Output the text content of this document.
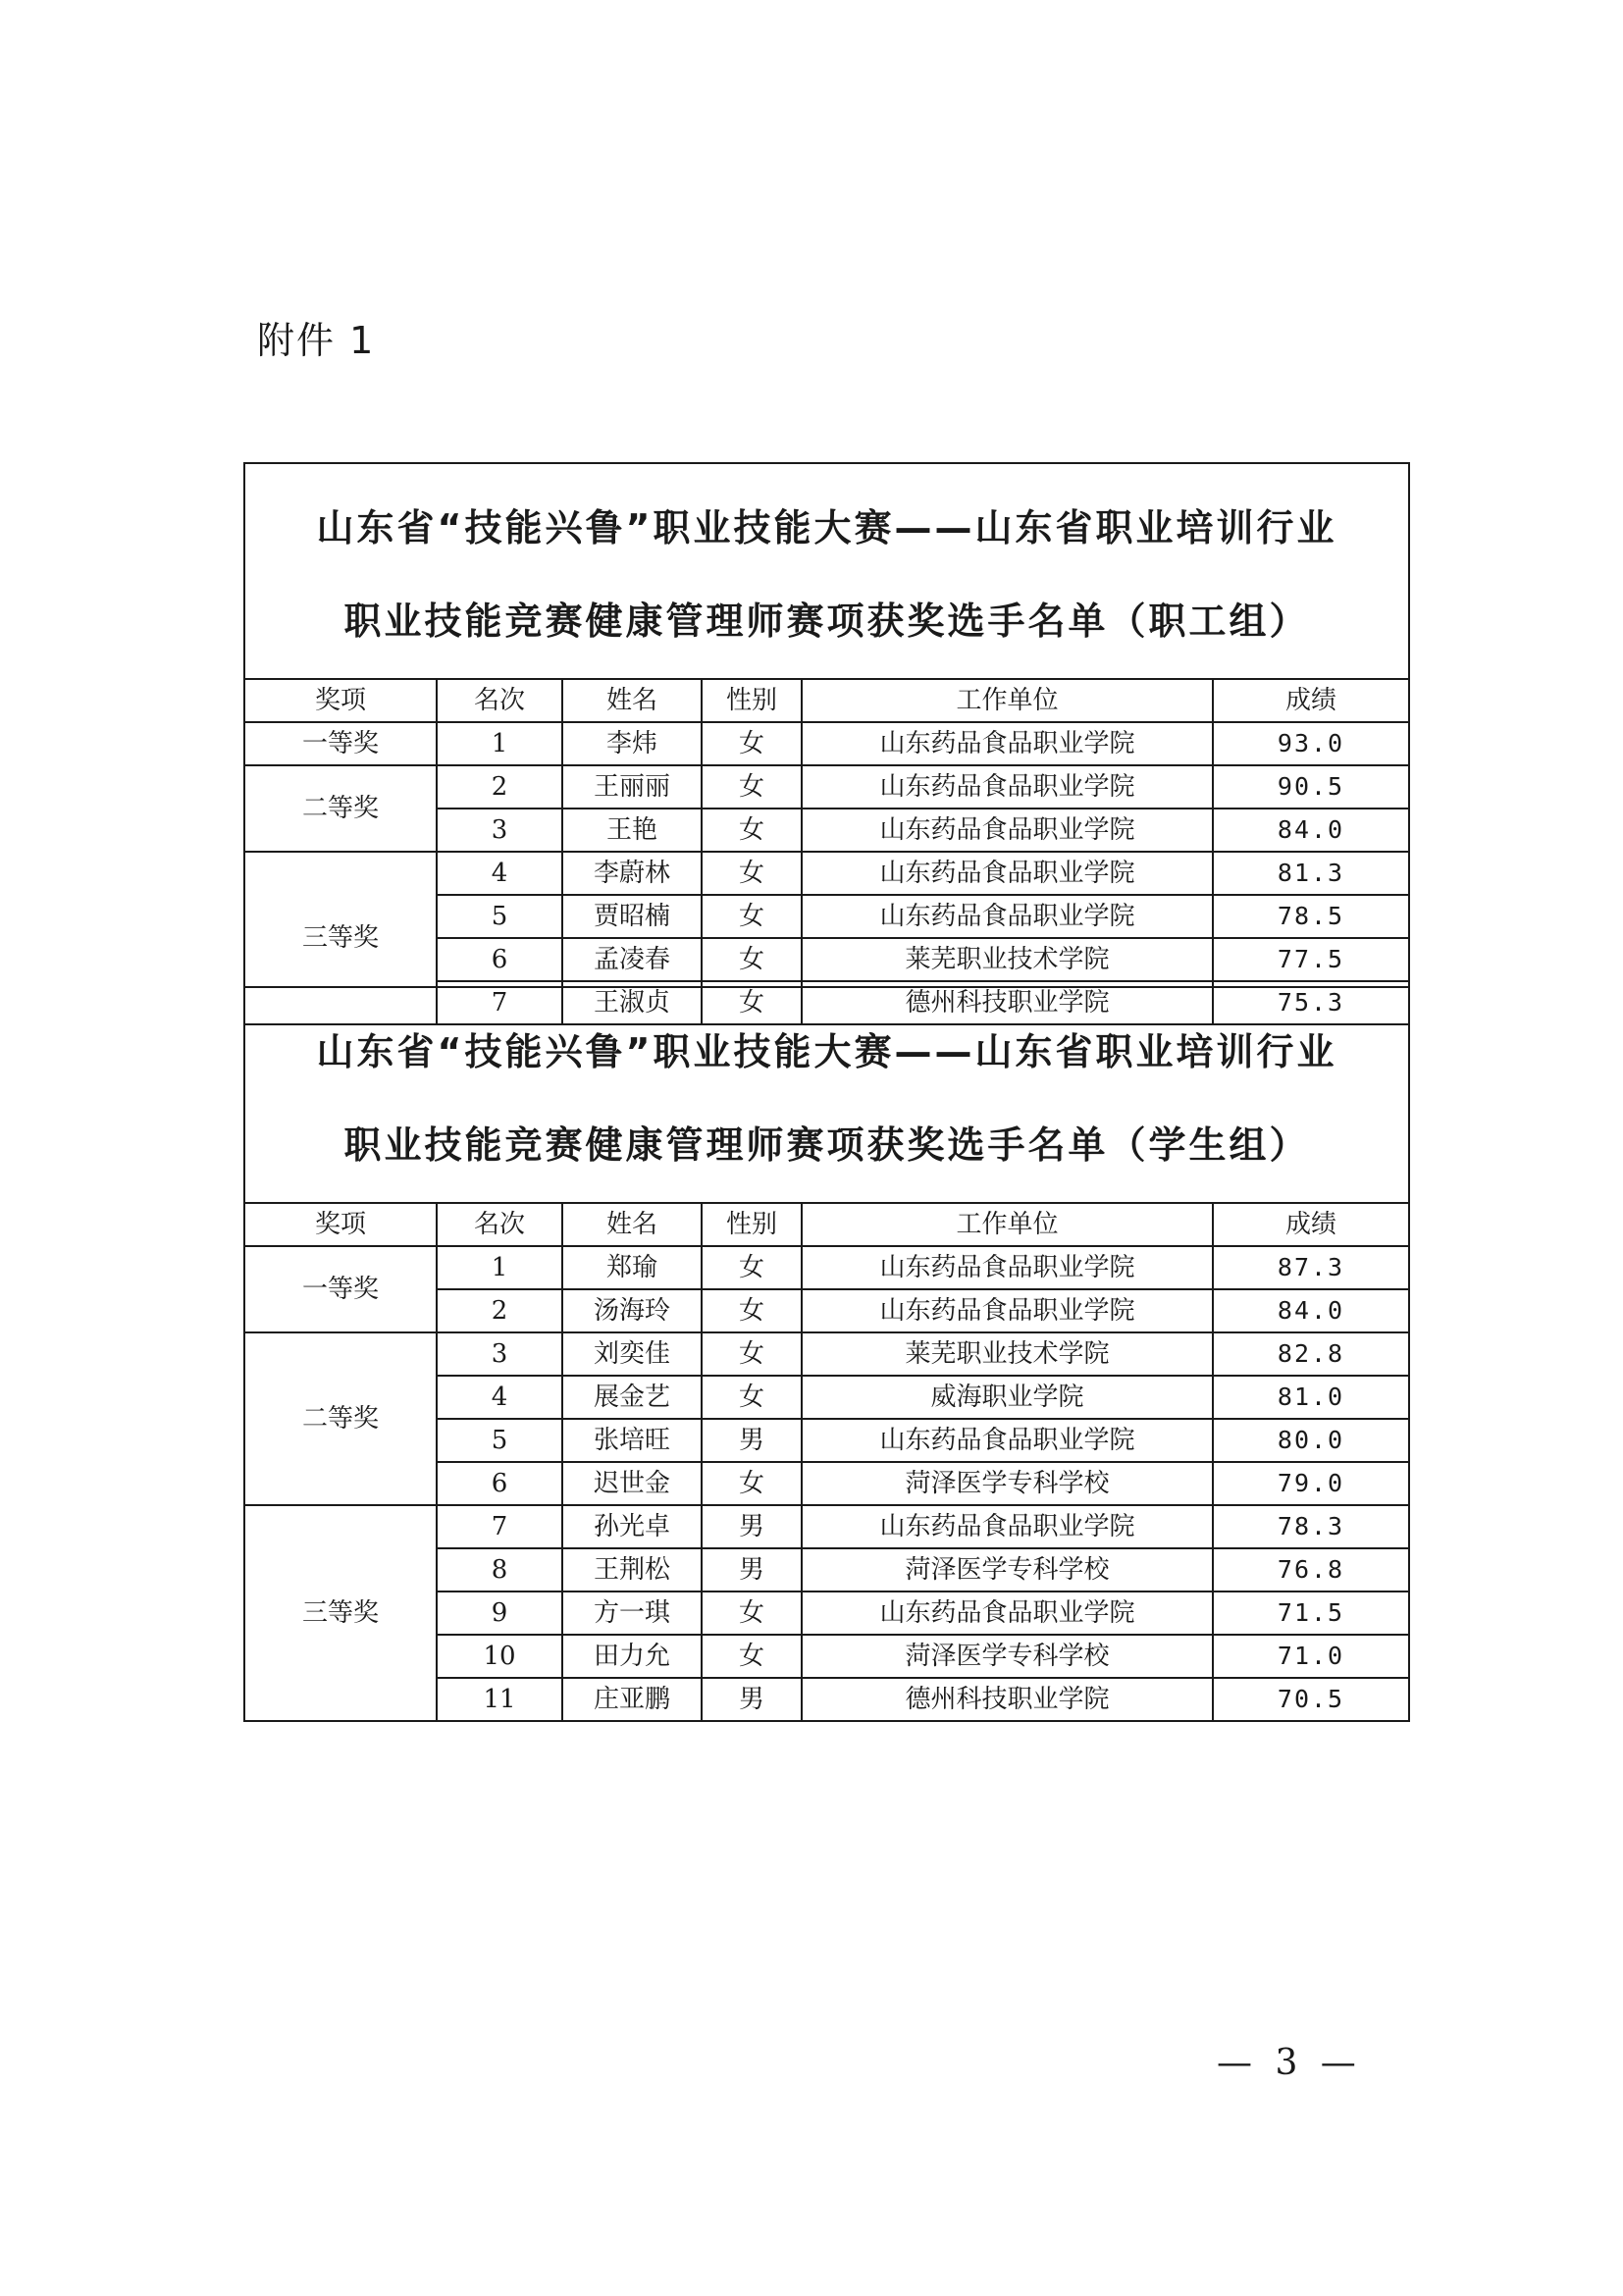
附件 1
山东省“技能兴鲁”职业技能大赛——山东省职业培训行业
职业技能竞赛健康管理师赛项获奖选手名单（职工组）					

奖项	名次	姓名	性别	工作单位	成绩
一等奖	1	李炜	女	山东药品食品职业学院	93.0
二等奖	2	王丽丽	女	山东药品食品职业学院	90.5
	3	王艳	女	山东药品食品职业学院	84.0
三等奖	4	李蔚林	女	山东药品食品职业学院	81.3
	5	贾昭楠	女	山东药品食品职业学院	78.5
	6	孟凌春	女	莱芜职业技术学院	77.5
	7	王淑贞	女	德州科技职业学院	75.3
山东省“技能兴鲁”职业技能大赛——山东省职业培训行业
职业技能竞赛健康管理师赛项获奖选手名单（学生组）					

奖项	名次	姓名	性别	工作单位	成绩
一等奖	1	郑瑜	女	山东药品食品职业学院	87.3
	2	汤海玲	女	山东药品食品职业学院	84.0
二等奖	3	刘奕佳	女	莱芜职业技术学院	82.8
	4	展金艺	女	威海职业学院	81.0
	5	张培旺	男	山东药品食品职业学院	80.0
	6	迟世金	女	菏泽医学专科学校	79.0
三等奖	7	孙光卓	男	山东药品食品职业学院	78.3
	8	王荆松	男	菏泽医学专科学校	76.8
	9	方一琪	女	山东药品食品职业学院	71.5
	10	田力允	女	菏泽医学专科学校	71.0
	11	庄亚鹏	男	德州科技职业学院	70.5
— 3 —
